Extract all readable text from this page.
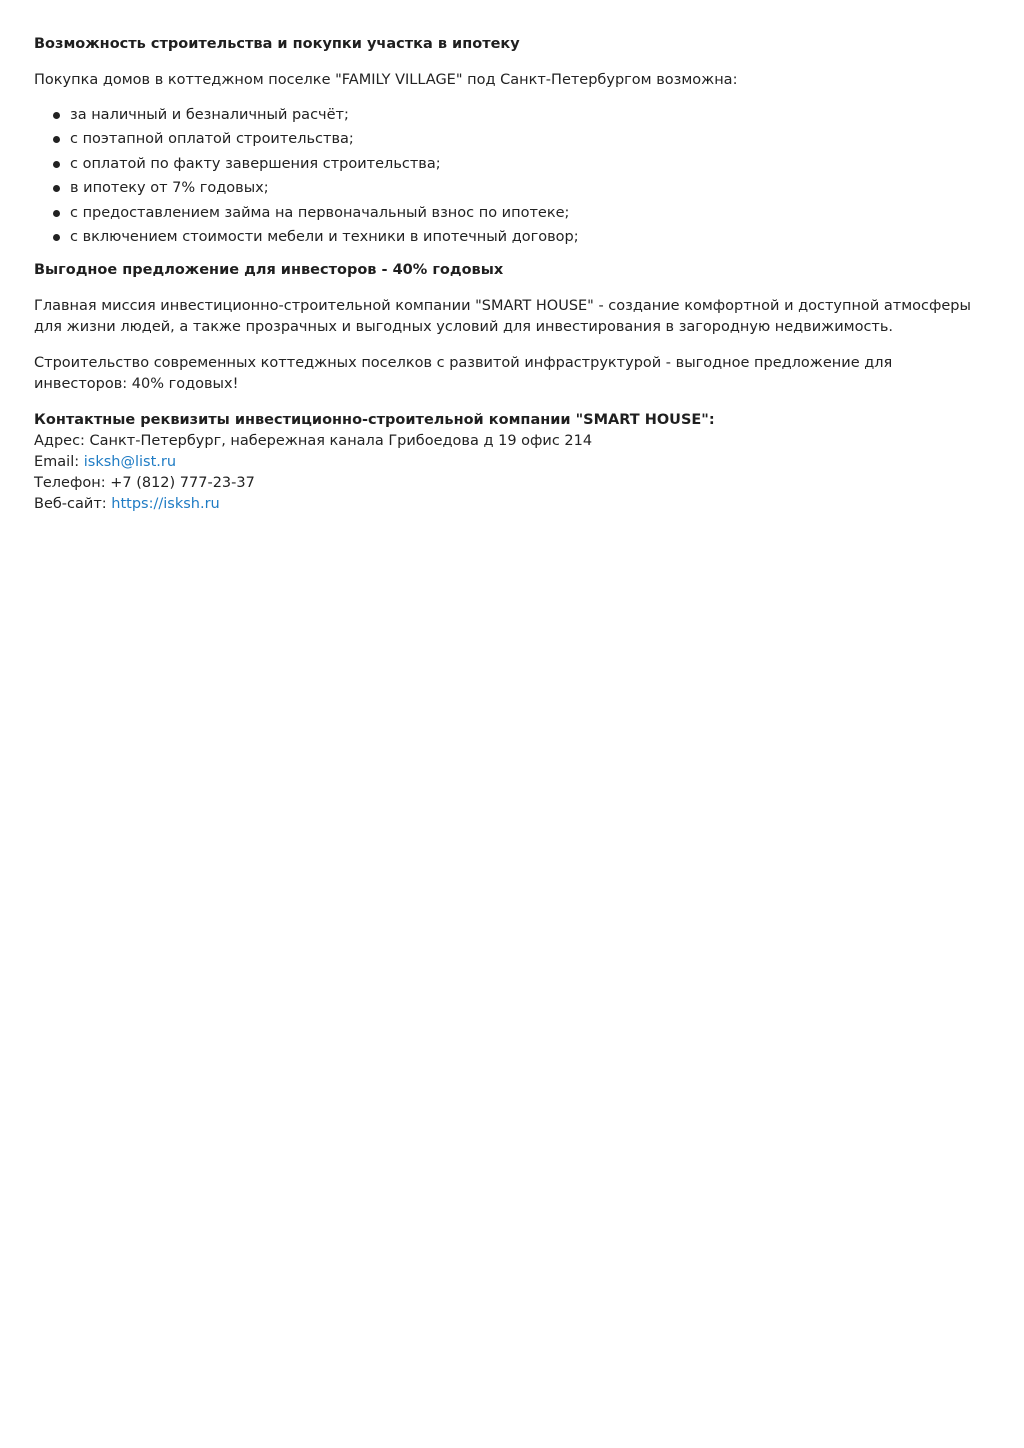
Возможность строительства и покупки участка в ипотеку

Покупка домов в коттеджном поселке "FAMILY VILLAGE" под Санкт-Петербургом возможна:

за наличный и безналичный расчёт;
с поэтапной оплатой строительства;
с оплатой по факту завершения строительства;
в ипотеку от 7% годовых;
с предоставлением займа на первоначальный взнос по ипотеке;
с включением стоимости мебели и техники в ипотечный договор;

Выгодное предложение для инвесторов - 40% годовых

Главная миссия инвестиционно-строительной компании "SMART HOUSE" - создание комфортной и доступной атмосферы для жизни людей, а также прозрачных и выгодных условий для инвестирования в загородную недвижимость.

Строительство современных коттеджных поселков с развитой инфраструктурой - выгодное предложение для инвесторов: 40% годовых!

Контактные реквизиты инвестиционно-строительной компании "SMART HOUSE":

Адрес: Санкт-Петербург, набережная канала Грибоедова д 19 офис 214

Email: isksh@list.ru

Телефон: +7 (812) 777-23-37

Веб-сайт: https://isksh.ru
